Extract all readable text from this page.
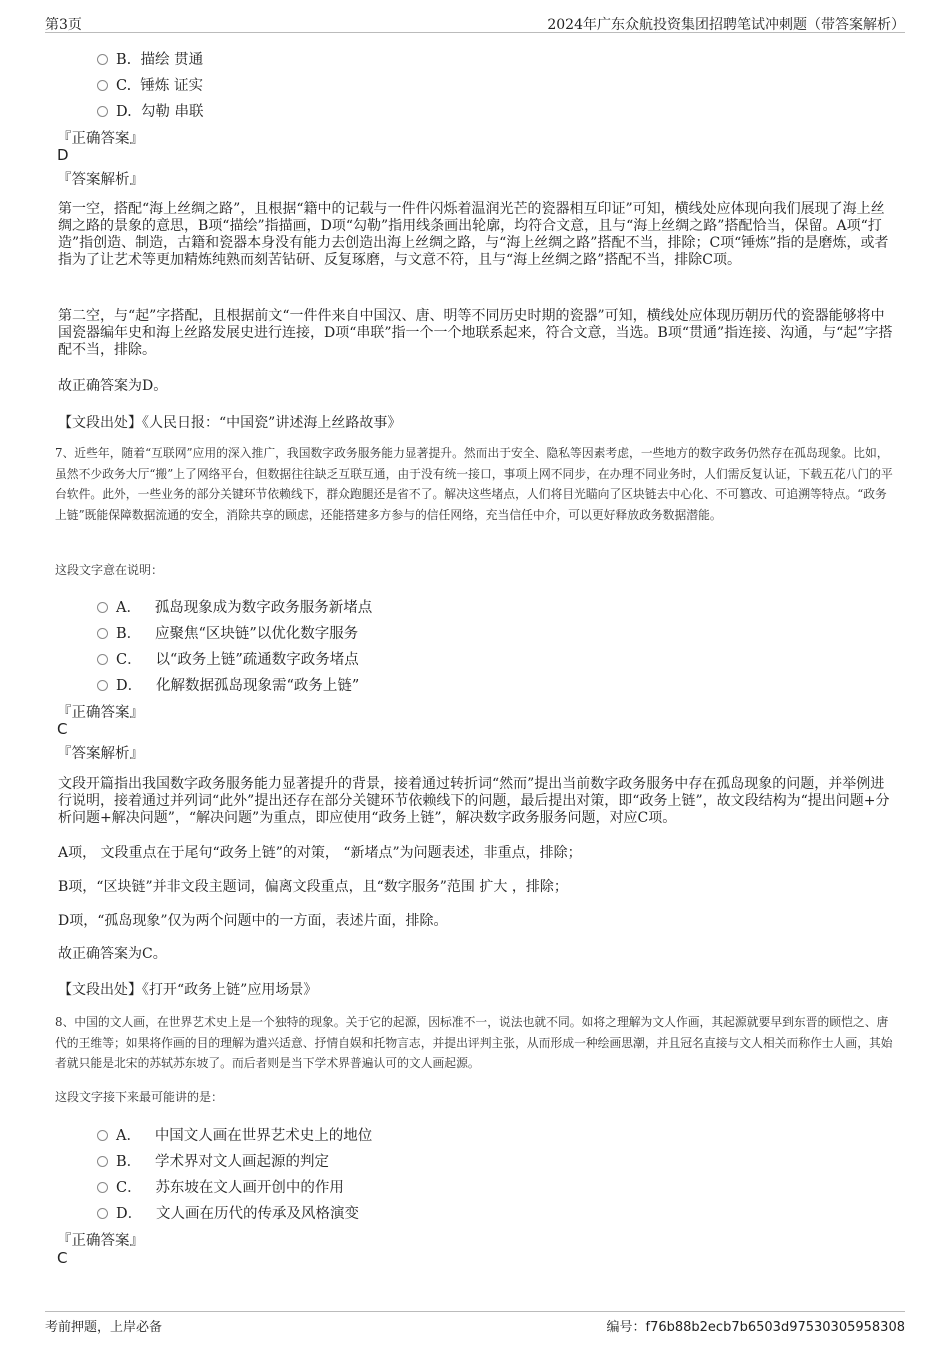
第3页	2024年广东众航投资集团招聘笔试冲刺题（带答案解析）
B. 描绘 贯通
C. 锤炼 证实
D. 勾勒 串联
『正确答案』
D
『答案解析』
第一空，搭配“海上丝绸之路”，且根据“籍中的记载与一件件闪烁着温润光芒的瓷器相互印证”可知，横线处应体现向我们展现了海上丝绸之路的景象的意思，B项“描绘”指描画，D项“勾勒”指用线条画出轮廓，均符合文意，且与“海上丝绸之路”搭配恰当，保留。A项“打造”指创造、制造，古籍和瓷器本身没有能力去创造出海上丝绸之路，与“海上丝绸之路”搭配不当，排除；C项“锤炼”指的是磨炼，或者指为了让艺术等更加精炼纯熟而刻苦钻研、反复琢磨，与文意不符，且与“海上丝绸之路”搭配不当，排除C项。
第二空，与“起”字搭配，且根据前文“一件件来自中国汉、唐、明等不同历史时期的瓷器”可知，横线处应体现历朝历代的瓷器能够将中国瓷器编年史和海上丝路发展史进行连接，D项“串联”指一个一个地联系起来，符合文意，当选。B项“贯通”指连接、沟通，与“起”字搭配不当，排除。
故正确答案为D。
【文段出处】《人民日报：“中国瓷”讲述海上丝路故事》
7、近些年，随着“互联网”应用的深入推广，我国数字政务服务能力显著提升。然而出于安全、隐私等因素考虑，一些地方的数字政务仍然存在孤岛现象。比如，虽然不少政务大厅“搬”上了网络平台，但数据往往缺乏互联互通，由于没有统一接口，事项上网不同步，在办理不同业务时，人们需反复认证，下载五花八门的平台软件。此外，一些业务的部分关键环节依赖线下，群众跑腿还是省不了。解决这些堵点，人们将目光瞄向了区块链去中心化、不可篡改、可追溯等特点。“政务上链”既能保障数据流通的安全，消除共享的顾虑，还能搭建多方参与的信任网络，充当信任中介，可以更好释放政务数据潜能。
这段文字意在说明：
A． 孤岛现象成为数字政务服务新堵点
B． 应聚焦“区块链”以优化数字服务
C． 以“政务上链”疏通数字政务堵点
D． 化解数据孤岛现象需“政务上链”
『正确答案』
C
『答案解析』
文段开篇指出我国数字政务服务能力显著提升的背景，接着通过转折词“然而”提出当前数字政务服务中存在孤岛现象的问题，并举例进行说明，接着通过并列词“此外”提出还存在部分关键环节依赖线下的问题，最后提出对策，即“政务上链”，故文段结构为“提出问题+分析问题+解决问题”，“解决问题”为重点，即应使用“政务上链”，解决数字政务服务问题，对应C项。
A项， 文段重点在于尾句“政务上链”的对策， “新堵点”为问题表述，非重点，排除；
B项，“区块链”并非文段主题词，偏离文段重点，且“数字服务”范围 扩大 ，排除；
D项，“孤岛现象”仅为两个问题中的一方面，表述片面，排除。
故正确答案为C。
【文段出处】《打开“政务上链”应用场景》
8、中国的文人画，在世界艺术史上是一个独特的现象。关于它的起源，因标准不一，说法也就不同。如将之理解为文人作画，其起源就要早到东晋的顾恺之、唐代的王维等；如果将作画的目的理解为遣兴适意、抒情自娱和托物言志，并提出评判主张，从而形成一种绘画思潮，并且冠名直接与文人相关而称作士人画，其始者就只能是北宋的苏轼苏东坡了。而后者则是当下学术界普遍认可的文人画起源。
这段文字接下来最可能讲的是：
A． 中国文人画在世界艺术史上的地位
B． 学术界对文人画起源的判定
C． 苏东坡在文人画开创中的作用
D． 文人画在历代的传承及风格演变
『正确答案』
C
考前押题，上岸必备	编号：f76b88b2ecb7b6503d97530305958308
